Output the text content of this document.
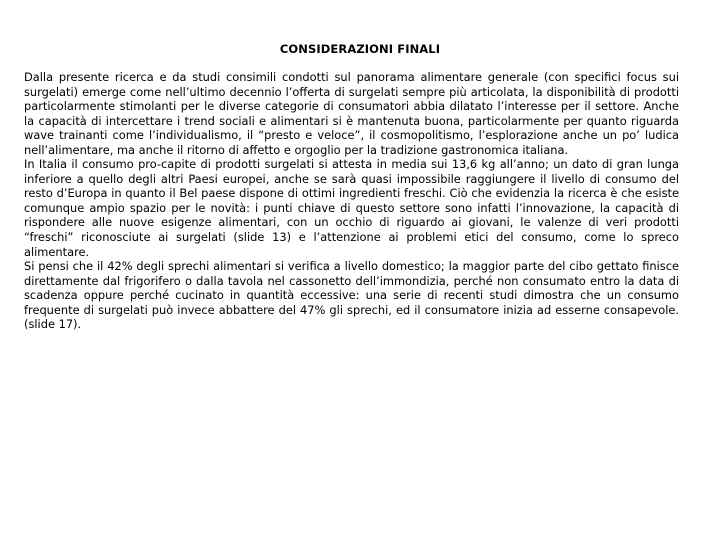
CONSIDERAZIONI FINALI

Dalla presente ricerca e da studi consimili condotti sul panorama alimentare generale (con specifici focus sui surgelati) emerge come nell’ultimo decennio l’offerta di surgelati sempre più articolata, la disponibilità di prodotti particolarmente stimolanti per le diverse categorie di consumatori abbia dilatato l’interesse per il settore. Anche la capacità di intercettare i trend sociali e alimentari si è mantenuta buona, particolarmente per quanto riguarda wave trainanti come l’individualismo, il “presto e veloce”, il cosmopolitismo, l’esplorazione anche un po’ ludica nell’alimentare, ma anche il ritorno di affetto e orgoglio per la tradizione gastronomica italiana.

In Italia il consumo pro-capite di prodotti surgelati si attesta in media sui 13,6 kg all’anno; un dato di gran lunga inferiore a quello degli altri Paesi europei, anche se sarà quasi impossibile raggiungere il livello di consumo del resto d’Europa in quanto il Bel paese dispone di ottimi ingredienti freschi. Ciò che evidenzia la ricerca è che esiste comunque ampio spazio per le novità: i punti chiave di questo settore sono infatti l’innovazione, la capacità di rispondere alle nuove esigenze alimentari, con un occhio di riguardo ai giovani, le valenze di veri prodotti “freschi” riconosciute ai surgelati (slide 13) e l’attenzione ai problemi etici del consumo, come lo spreco alimentare.

Si pensi che il 42% degli sprechi alimentari si verifica a livello domestico; la maggior parte del cibo gettato finisce direttamente dal frigorifero o dalla tavola nel cassonetto dell’immondizia, perché non consumato entro la data di scadenza oppure perché cucinato in quantità eccessive: una serie di recenti studi dimostra che un consumo frequente di surgelati può invece abbattere del 47% gli sprechi, ed il consumatore inizia ad esserne consapevole. (slide 17).
